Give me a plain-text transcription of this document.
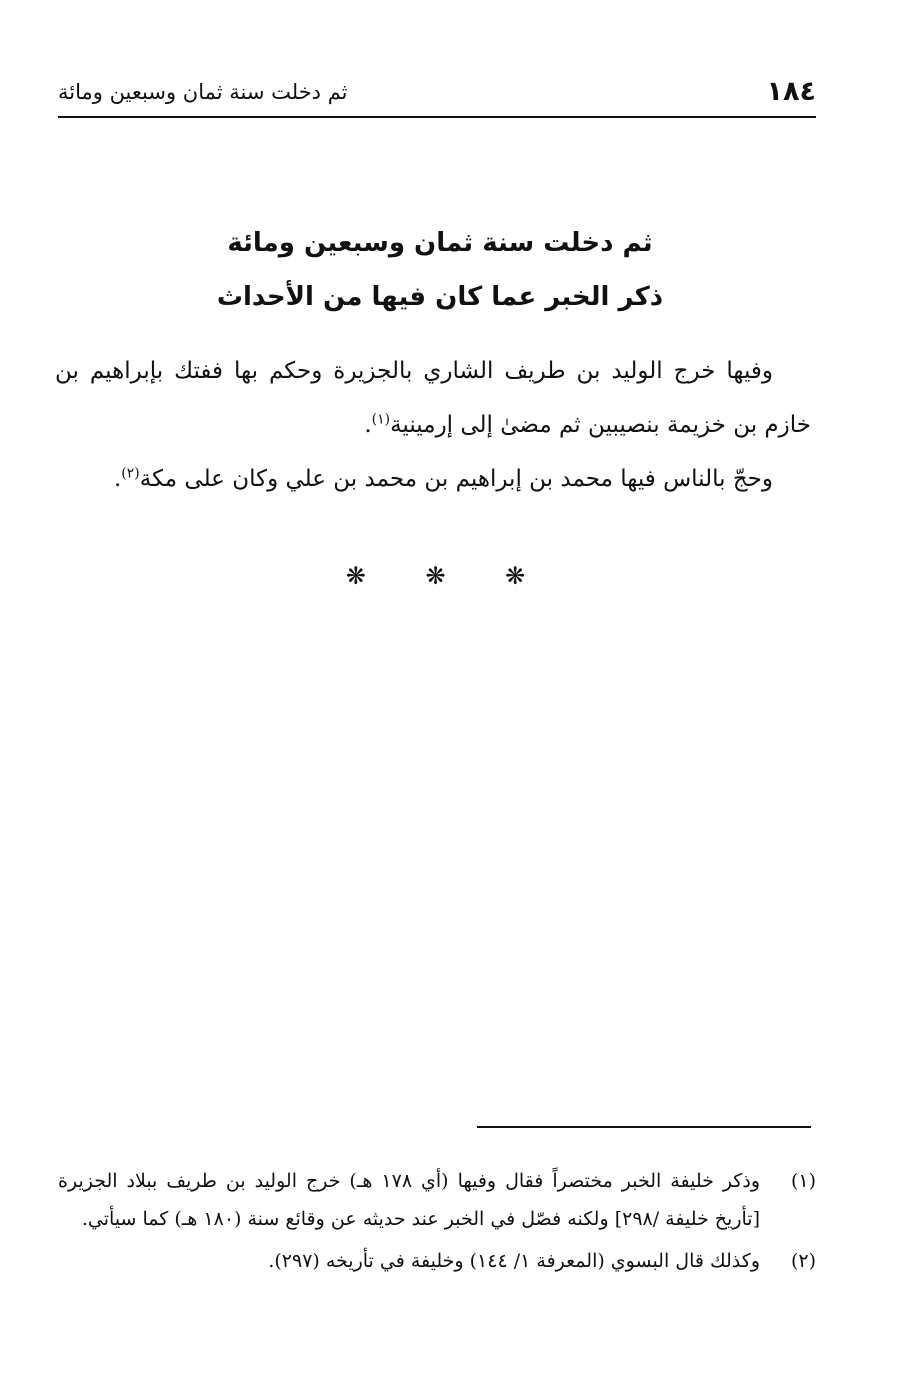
١٨٤
ثم دخلت سنة ثمان وسبعين ومائة
ثم دخلت سنة ثمان وسبعين ومائة
ذكر الخبر عما كان فيها من الأحداث

وفيها خرج الوليد بن طريف الشاري بالجزيرة وحكم بها ففتك بإبراهيم بن خازم بن خزيمة بنصيبين ثم مضىٰ إلى إرمينية$^{(١)}$.

وحجّ بالناس فيها محمد بن إبراهيم بن محمد بن علي وكان على مكة$^{(٢)}$.

❋ ❋ ❋
(١)
وذكر خليفة الخبر مختصراً فقال وفيها (أي ١٧٨ هـ) خرج الوليد بن طريف ببلاد الجزيرة [تأريخ خليفة /٢٩٨] ولكنه فصّل في الخبر عند حديثه عن وقائع سنة (١٨٠ هـ) كما سيأتي.
(٢)
وكذلك قال البسوي (المعرفة ١/ ١٤٤) وخليفة في تأريخه (٢٩٧).
